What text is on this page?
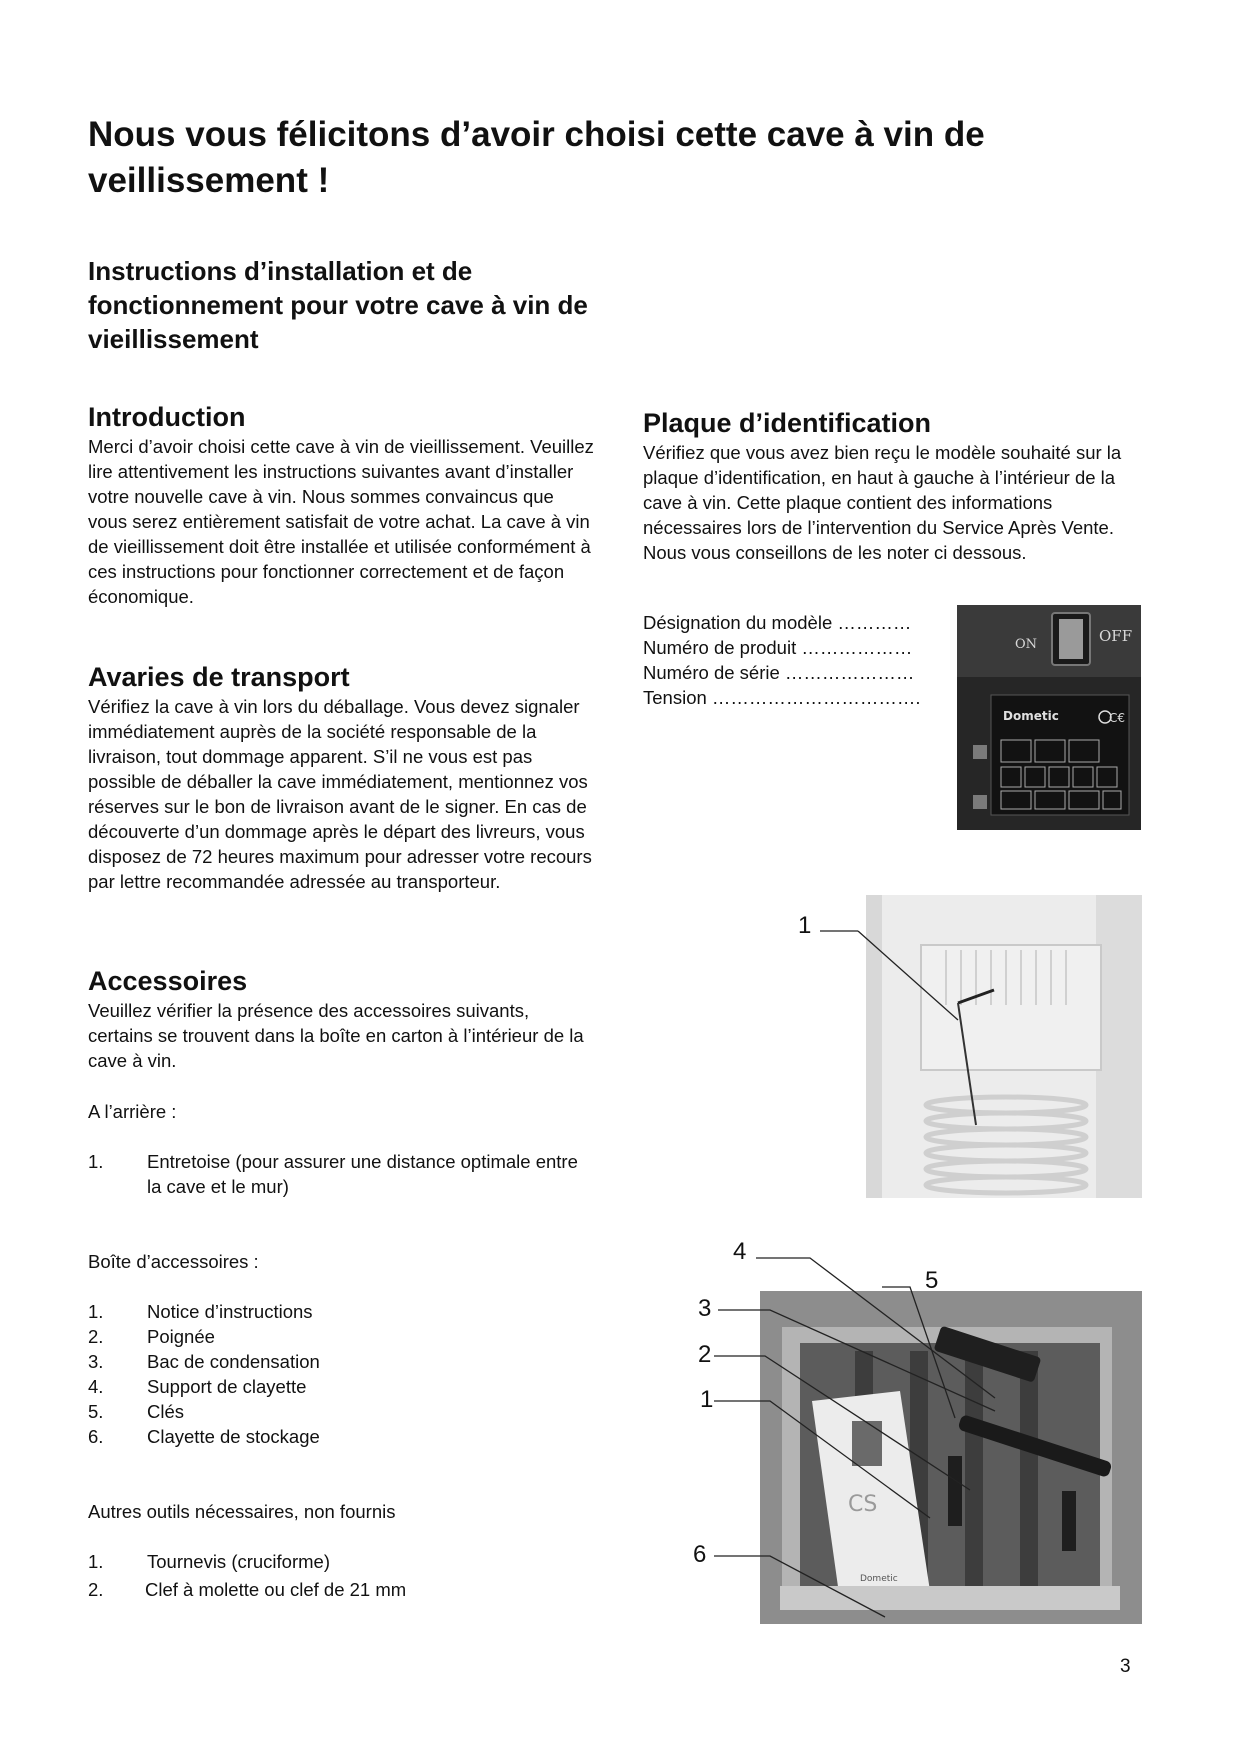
Nous vous félicitons d’avoir choisi cette cave à vin de veillissement !
Instructions d’installation et de fonctionnement pour votre cave à vin de vieillissement

Introduction

Merci d’avoir choisi cette cave à vin de vieillissement. Veuillez lire attentivement les instructions suivantes avant d’installer votre nouvelle cave à vin. Nous sommes convaincus que vous serez entièrement satisfait de votre achat. La cave à vin de vieillissement doit être installée et utilisée conformément à ces instructions pour fonctionner correctement et de façon économique.

Avaries de transport

Vérifiez la cave à vin lors du déballage. Vous devez signaler immédiatement auprès de la société responsable de la livraison, tout dommage apparent. S’il ne vous est pas possible de déballer la cave immédiatement, mentionnez vos réserves sur le bon de livraison avant de le signer. En cas de découverte d’un dommage après le départ des livreurs, vous disposez de 72 heures maximum pour adresser votre recours par lettre recommandée adressée au transporteur.

Accessoires

Veuillez vérifier la présence des accessoires suivants, certains se trouvent dans la boîte en carton à l’intérieur de la cave à vin.

A l’arrière :
1.	Entretoise (pour assurer une distance optimale entre la cave et le mur)
Boîte d’accessoires :
1.	Notice d’instructions
2.	Poignée
3.	Bac de condensation
4.	Support de clayette
5.	Clés
6.	Clayette de stockage
Autres outils nécessaires, non fournis
1.	Tournevis (cruciforme)
2.	Clef à molette ou clef de 21 mm

Plaque d’identification

Vérifiez que vous avez bien reçu le modèle souhaité sur la plaque d’identification, en haut à gauche à l’intérieur de la cave à vin. Cette plaque contient des informations nécessaires lors de l’intervention du Service Après Vente. Nous vous conseillons de les noter ci dessous.

Désignation du modèle …………
Numéro de produit ………………
Numéro de série …………………
Tension …………………………….
ON	OFF
Dometic	C€
1
CS
Dometic
4
5
3
2
1
6
3
